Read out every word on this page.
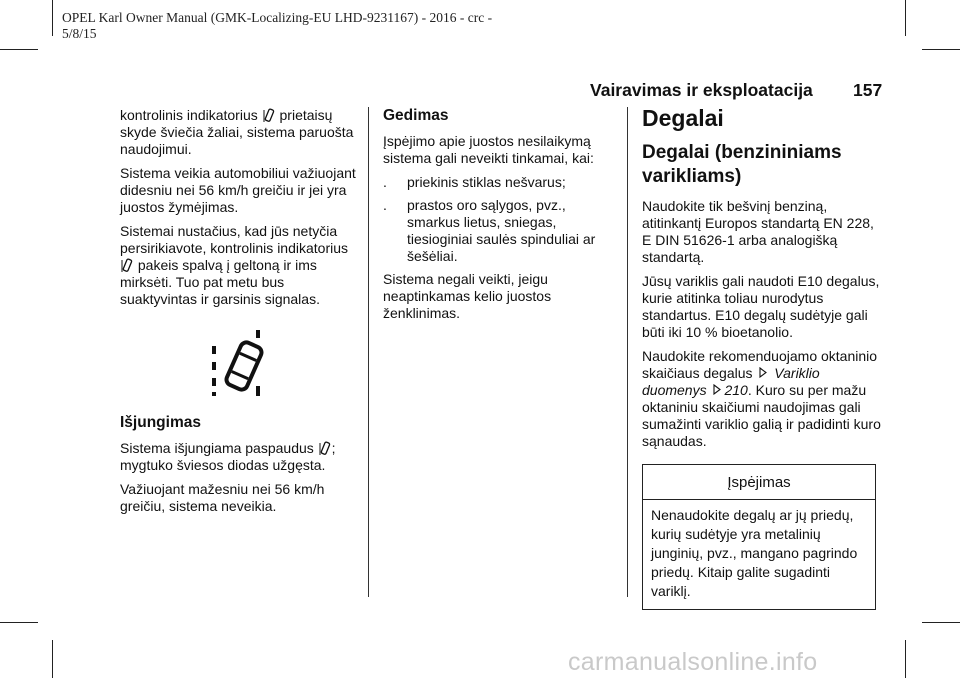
OPEL Karl Owner Manual (GMK-Localizing-EU LHD-9231167) - 2016 - crc -
5/8/15
Vairavimas ir eksploatacija 157

kontrolinis indikatorius prietaisų skyde šviečia žaliai, sistema paruošta naudojimui.

Sistema veikia automobiliui važiuojant didesniu nei 56 km/h greičiu ir jei yra juostos žymėjimas.

Sistemai nustačius, kad jūs netyčia persirikiavote, kontrolinis indikatorius  pakeis spalvą į geltoną ir ims mirksėti. Tuo pat metu bus suaktyvintas ir garsinis signalas.

Išjungimas

Sistema išjungiama paspaudus ; mygtuko šviesos diodas užgęsta.

Važiuojant mažesniu nei 56 km/h greičiu, sistema neveikia.

Gedimas

Įspėjimo apie juostos nesilaikymą sistema gali neveikti tinkamai, kai:

.	priekinis stiklas nešvarus;
.	prastos oro sąlygos, pvz., smarkus lietus, sniegas, tiesioginiai saulės spinduliai ar šešėliai.

Sistema negali veikti, jeigu neaptinkamas kelio juostos ženklinimas.

Degalai
Degalai (benzininiams varikliams)

Naudokite tik bešvinį benziną, atitinkantį Europos standartą EN 228, E DIN 51626-1 arba analogišką standartą.

Jūsų variklis gali naudoti E10 degalus, kurie atitinka toliau nurodytus standartus. E10 degalų sudėtyje gali būti iki 10 % bioetanolio.

Naudokite rekomenduojamo oktaninio skaičiaus degalus Variklio duomenys 210. Kuro su per mažu oktaniniu skaičiumi naudojimas gali sumažinti variklio galią ir padidinti kuro sąnaudas.

Įspėjimas
Nenaudokite degalų ar jų priedų, kurių sudėtyje yra metalinių junginių, pvz., mangano pagrindo priedų. Kitaip galite sugadinti variklį.
carmanualsonline.info
